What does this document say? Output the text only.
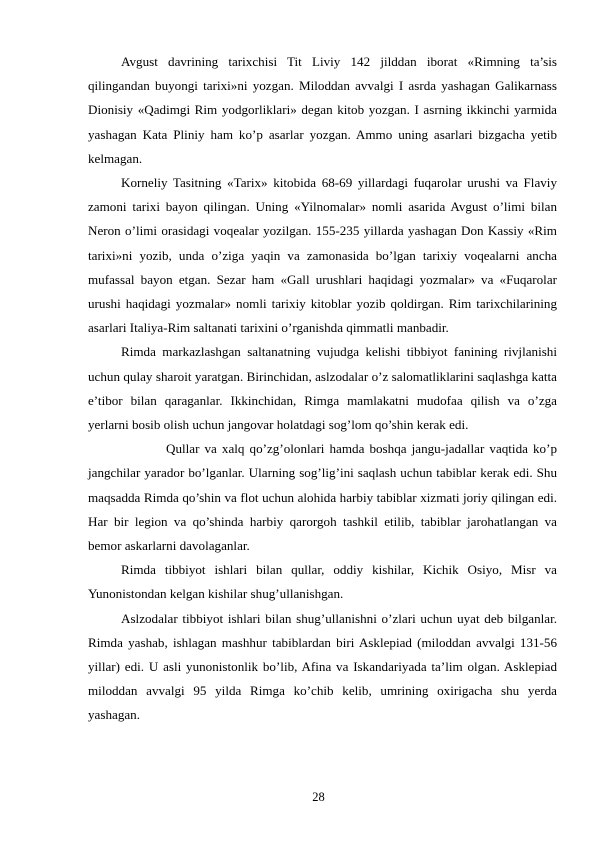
Avgust davrining tarixchisi Tit Liviy 142 jilddan iborat «Rimning ta’sis qilingandan buyongi tarixi»ni yozgan. Miloddan avvalgi I asrda yashagan Galikarnass Dionisiy «Qadimgi Rim yodgorliklari» degan kitob yozgan. I asrning ikkinchi yarmida yashagan Kata Pliniy ham ko’p asarlar yozgan. Ammo uning asarlari bizgacha yetib kelmagan.

Korneliy Tasitning «Tarix» kitobida 68-69 yillardagi fuqarolar urushi va Flaviy zamoni tarixi bayon qilingan. Uning «Yilnomalar» nomli asarida Avgust o’limi bilan Neron o’limi orasidagi voqealar yozilgan. 155-235 yillarda yashagan Don Kassiy «Rim tarixi»ni yozib, unda o’ziga yaqin va zamonasida bo’lgan tarixiy voqealarni ancha mufassal bayon etgan. Sezar ham «Gall urushlari haqidagi yozmalar» va «Fuqarolar urushi haqidagi yozmalar» nomli tarixiy kitoblar yozib qoldirgan. Rim tarixchilarining asarlari Italiya-Rim saltanati tarixini o’rganishda qimmatli manbadir.

Rimda markazlashgan saltanatning vujudga kelishi tibbiyot fanining rivjlanishi uchun qulay sharoit yaratgan. Birinchidan, aslzodalar o’z salomatliklarini saqlashga katta e’tibor bilan qaraganlar. Ikkinchidan, Rimga mamlakatni mudofaa qilish va o’zga yerlarni bosib olish uchun jangovar holatdagi sog’lom qo’shin kerak edi.

Qullar va xalq qo’zg’olonlari hamda boshqa jangu-jadallar vaqtida ko’p jangchilar yarador bo’lganlar. Ularning sog’lig’ini saqlash uchun tabiblar kerak edi. Shu maqsadda Rimda qo’shin va flot uchun alohida harbiy tabiblar xizmati joriy qilingan edi. Har bir legion va qo’shinda harbiy qarorgoh tashkil etilib, tabiblar jarohatlangan va bemor askarlarni davolaganlar.

Rimda tibbiyot ishlari bilan qullar, oddiy kishilar, Kichik Osiyo, Misr va Yunonistondan kelgan kishilar shug’ullanishgan.

Aslzodalar tibbiyot ishlari bilan shug’ullanishni o’zlari uchun uyat deb bilganlar. Rimda yashab, ishlagan mashhur tabiblardan biri Asklepiad (miloddan avvalgi 131-56 yillar) edi. U asli yunonistonlik bo’lib, Afina va Iskandariyada ta’lim olgan. Asklepiad miloddan avvalgi 95 yilda Rimga ko’chib kelib, umrining oxirigacha shu yerda yashagan.

28
